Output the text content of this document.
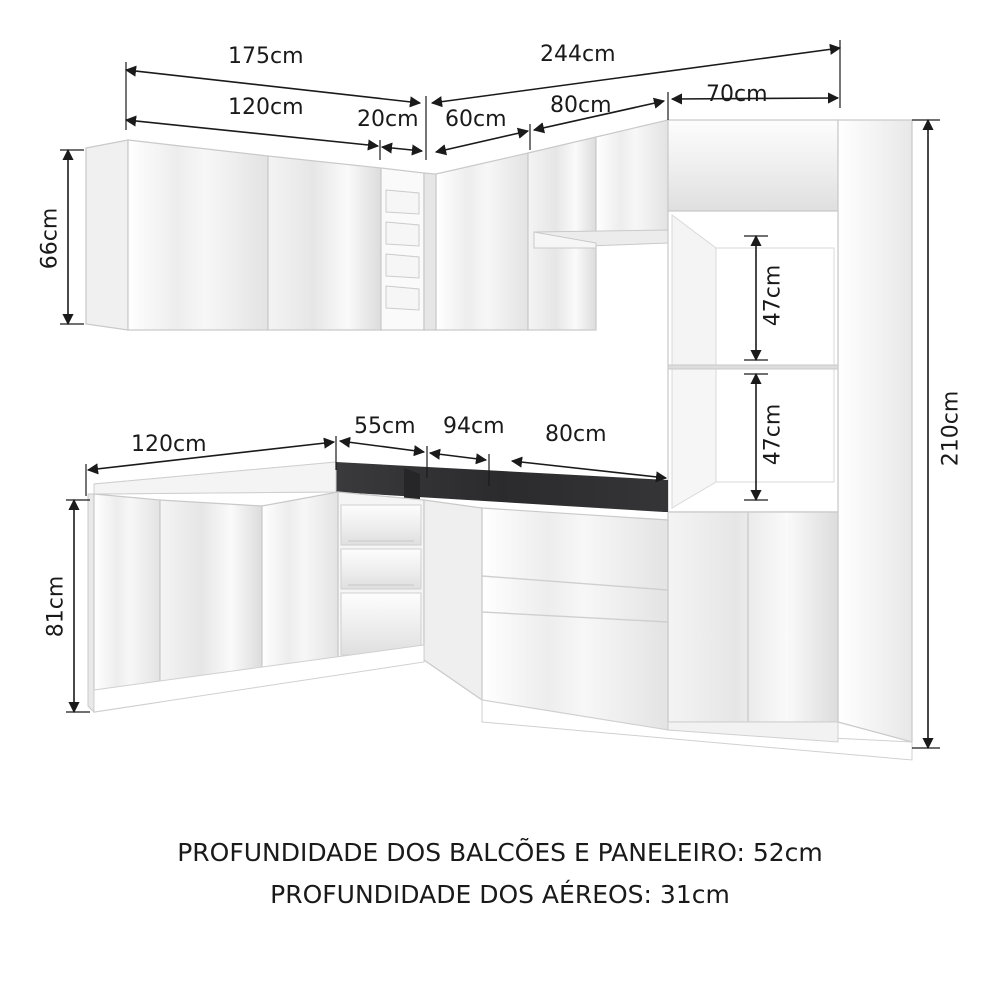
175cm	244cm
120cm 20cm 60cm
80cm	70cm
120cm
55cm 94cm 80cm
66cm
81cm
210cm
47cm
47cm
PROFUNDIDADE DOS BALCÕES E PANELEIRO: 52cm
PROFUNDIDADE DOS AÉREOS: 31cm
